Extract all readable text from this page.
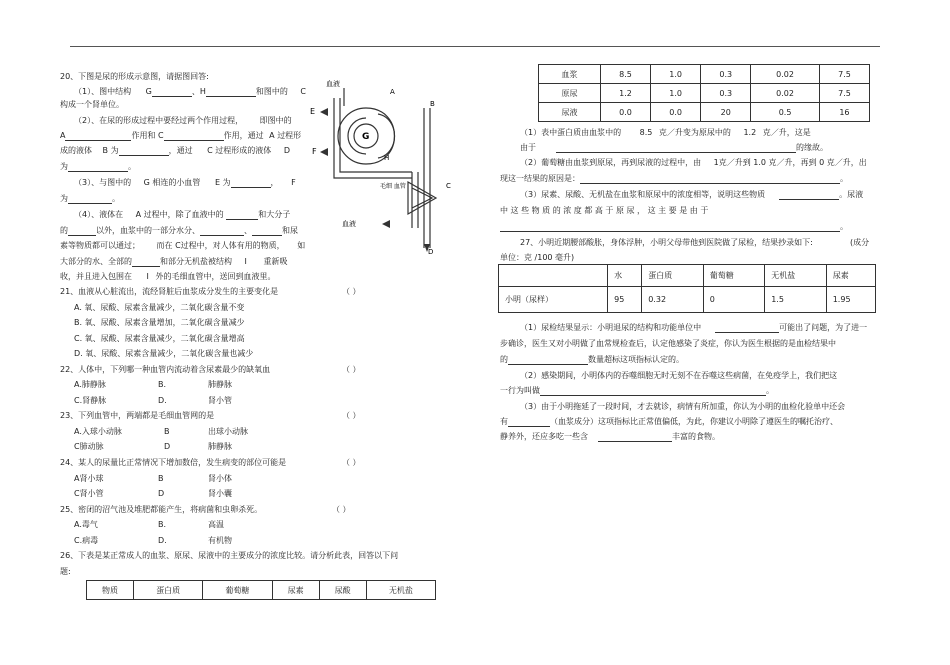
20、下图是尿的形成示意图，请据图回答:
（1）、图中结构 G	、H	和图中的 C
构成一个肾单位。
（2）、在尿的形成过程中要经过两个作用过程， 即图中的
A	作用和 C	作用，通过 A 过程形
成的液体 B 为	，通过 C 过程形成的液体 D
为	。
（3）、与图中的 G 相连的小血管 E 为	， F
为	。
（4）、液体在 A 过程中，除了血液中的	和大分子
的	以外，血浆中的一部分水分、	、	和尿
素等物质都可以通过； 而在 C过程中，对人体有用的物质， 如
大部分的水、全部的	和部分无机盐被结构 I 重新吸
收，并且进入包围在 I 外的毛细血管中，送回到血液里。
21、血液从心脏流出，流经肾脏后血浆成分发生的主要变化是	（ ）
A. 氧、尿酸、尿素含量减少，二氧化碳含量不变
B. 氧、尿酸、尿素含量增加，二氧化碳含量减少
C. 氧、尿酸、尿素含量减少，二氧化碳含量增高
D. 氧、尿酸、尿素含量减少，二氧化碳含量也减少
22、人体中，下列哪一种血管内流动着含尿素最少的缺氧血	（ ）
A.肺静脉	B.	肺静脉
C.肾静脉	D.	肾小管
23、下列血管中，两端都是毛细血管网的是	（ ）
A.入球小动脉	B	出球小动脉
C肺动脉	D	肺静脉
24、某人的尿量比正常情况下增加数倍，发生病变的部位可能是	（ ）
A肾小球	B	肾小体
C肾小管	D	肾小囊
25、密闭的沼气池及堆肥都能产生，将病菌和虫卵杀死。	（ ）
A.毒气	B.	高温
C.病毒	D.	有机物
26、下表是某正常成人的血浆、原尿、尿液中的主要成分的浓度比较。请分析此表，回答以下问
题:
物质	蛋白质	葡萄糖	尿素	尿酸	无机盐
血液
E
F
G
H
A
B
C
D
毛细 血管
血液
血浆	8.5	1.0	0.3	0.02	7.5
原尿	1.2	1.0	0.3	0.02	7.5
尿液	0.0	0.0	20	0.5	16
（1）表中蛋白质由血浆中的 8.5 克／升变为原尿中的 1.2 克／升，这是
由于	的缘故。
（2）葡萄糖由血浆到原尿，再到尿液的过程中，由 1克／升到 1.0 克／升，再到 0 克／升，出
现这一结果的原因是：	。
（3）尿素、尿酸、无机盐在血浆和原尿中的浓度相等，说明这些物质	。尿液
中 这 些 物 质 的 浓 度 都 高 于 原 尿 ， 这 主 要 是 由 于
。
27、小明近期腰部酸胀，身体浮肿，小明父母带他到医院做了尿检，结果抄录如下:	(成分
单位：克 /100 毫升)
	水	蛋白质	葡萄糖	无机盐	尿素
小明（尿样）	95	0.32	0	1.5	1.95
（1）尿检结果显示：小明退尿的结构和功能单位中	可能出了问题，为了进一
步确诊，医生又对小明做了血常规检查后，认定他感染了炎症，你认为医生根据的是血检结果中
的	数量超标这项指标认定的。
（2）感染期间，小明体内的吞噬细胞无时无刻不在吞噬这些病菌，在免疫学上，我们把这
一行为叫做	。
（3）由于小明拖延了一段时间，才去就诊，病情有所加重，你认为小明的血检化验单中还会
有	（血浆成分）这项指标比正常值偏低，为此，你建议小明除了遵医生的嘱托治疗、
静养外，还应多吃一些含	丰富的食物。
